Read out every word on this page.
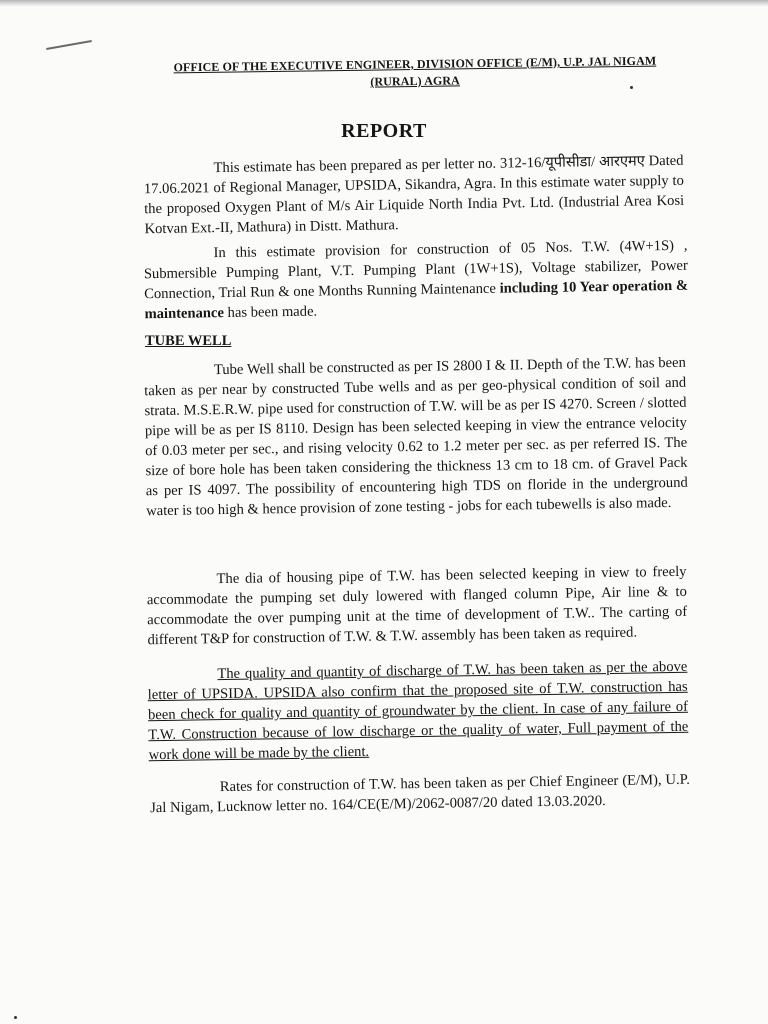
OFFICE OF THE EXECUTIVE ENGINEER, DIVISION OFFICE (E/M), U.P. JAL NIGAM
(RURAL) AGRA
REPORT
This estimate has been prepared as per letter no. 312-16/यूपीसीडा/ आरएमए Dated 17.06.2021 of Regional Manager, UPSIDA, Sikandra, Agra. In this estimate water supply to the proposed Oxygen Plant of M/s Air Liquide North India Pvt. Ltd. (Industrial Area Kosi Kotvan Ext.-II, Mathura) in Distt. Mathura.
In this estimate provision for construction of 05 Nos. T.W. (4W+1S) , Submersible Pumping Plant, V.T. Pumping Plant (1W+1S), Voltage stabilizer, Power Connection, Trial Run & one Months Running Maintenance including 10 Year operation & maintenance has been made.
TUBE WELL
Tube Well shall be constructed as per IS 2800 I & II. Depth of the T.W. has been taken as per near by constructed Tube wells and as per geo-physical condition of soil and strata. M.S.E.R.W. pipe used for construction of T.W. will be as per IS 4270. Screen / slotted pipe will be as per IS 8110. Design has been selected keeping in view the entrance velocity of 0.03 meter per sec., and rising velocity 0.62 to 1.2 meter per sec. as per referred IS. The size of bore hole has been taken considering the thickness 13 cm to 18 cm. of Gravel Pack as per IS 4097. The possibility of encountering high TDS on floride in the underground water is too high & hence provision of zone testing - jobs for each tubewells is also made.
The dia of housing pipe of T.W. has been selected keeping in view to freely accommodate the pumping set duly lowered with flanged column Pipe, Air line & to accommodate the over pumping unit at the time of development of T.W.. The carting of different T&P for construction of T.W. & T.W. assembly has been taken as required.
The quality and quantity of discharge of T.W. has been taken as per the above letter of UPSIDA. UPSIDA also confirm that the proposed site of T.W. construction has been check for quality and quantity of groundwater by the client. In case of any failure of T.W. Construction because of low discharge or the quality of water, Full payment of the work done will be made by the client.
Rates for construction of T.W. has been taken as per Chief Engineer (E/M), U.P. Jal Nigam, Lucknow letter no. 164/CE(E/M)/2062-0087/20 dated 13.03.2020.
